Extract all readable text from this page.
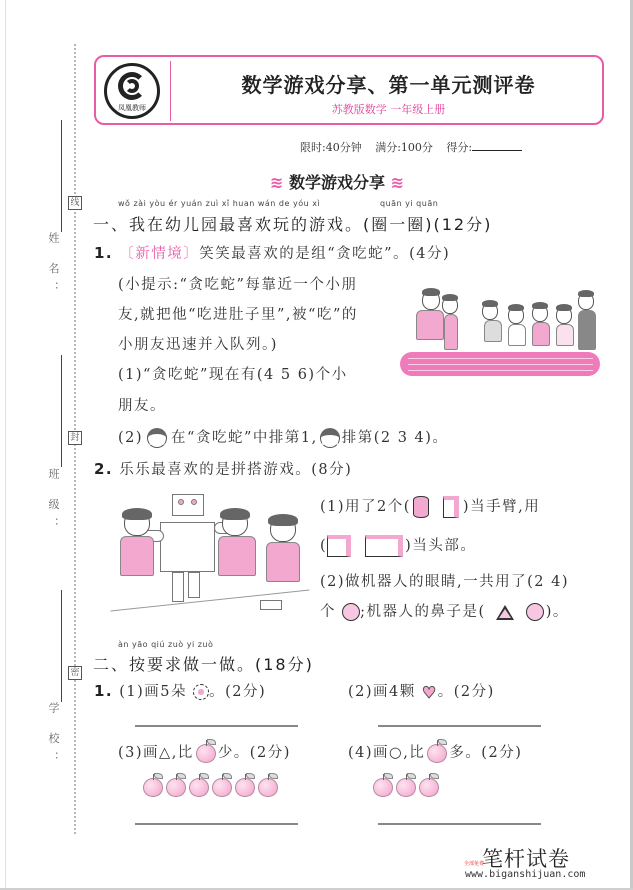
线
封
密
姓 名：
班 级：
学 校：
凤凰教师
数学游戏分享、第一单元测评卷
苏教版数学 一年级上册
限时:40分钟 满分:100分 得分:
≋ 数学游戏分享 ≋
wǒ zài yòu ér yuán zuì xǐ huan wán de yóu xì	quān yi quān
一、我在幼儿园最喜欢玩的游戏。(圈一圈)(12分)
1. 〔新情境〕笑笑最喜欢的是组“贪吃蛇”。(4分)
(小提示:“贪吃蛇”每靠近一个小朋
友,就把他“吃进肚子里”,被“吃”的
小朋友迅速并入队列。)
(1)“贪吃蛇”现在有(4 5 6)个小
朋友。
(2) 在“贪吃蛇”中排第1, 排第(2 3 4)。
2. 乐乐最喜欢的是拼搭游戏。(8分)
(1)用了2个(	)当手臂,用
(	)当头部。
(2)做机器人的眼睛,一共用了(2 4)
个 ;机器人的鼻子是(	)。
àn yāo qiú zuò yi zuò
二、按要求做一做。(18分)
1. (1)画5朵 。(2分)	(2)画4颗 ♥。(2分)
(3)画△,比 少。(2分)	(4)画○,比 多。(2分)
全部免费
笔杆试卷
www.biganshijuan.com
